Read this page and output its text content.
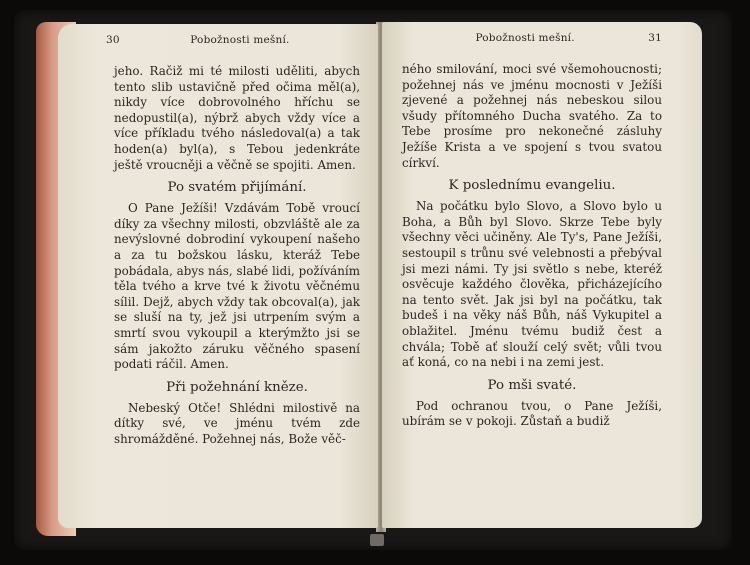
30	Pobožnosti mešní.

jeho. Račiž mi té milosti uděliti, abych tento slib ustavičně před očima měl(a), nikdy více dobrovolného hříchu se nedopustil(a), nýbrž abych vždy více a více příkladu tvého následoval(a) a tak hoden(a) byl(a), s Tebou jedenkráte ještě vroucněji a věčně se spojiti. Amen.

Po svatém přijímání.

O Pane Ježíši! Vzdávám Tobě vroucí díky za všechny milosti, obzvláště ale za nevýslovné dobrodiní vykoupení našeho a za tu božskou lásku, kteráž Tebe pobádala, abys nás, slabé lidi, požíváním těla tvého a krve tvé k životu věčnému sílil. Dejž, abych vždy tak obcoval(a), jak se sluší na ty, jež jsi utrpením svým a smrtí svou vykoupil a kterýmžto jsi se sám jakožto záruku věčného spasení podati ráčil. Amen.

Při požehnání kněze.

Nebeský Otče! Shlédni milostivě na dítky své, ve jménu tvém zde shromážděné. Požehnej nás, Bože věč-

Pobožnosti mešní.	31

ného smilování, moci své všemohoucnosti; požehnej nás ve jménu mocnosti v Ježíši zjevené a požehnej nás nebeskou silou všudy přítomného Ducha svatého. Za to Tebe prosíme pro nekonečné zásluhy Ježíše Krista a ve spojení s tvou svatou církví.

K poslednímu evangeliu.

Na počátku bylo Slovo, a Slovo bylo u Boha, a Bůh byl Slovo. Skrze Tebe byly všechny věci učiněny. Ale Ty's, Pane Ježíši, sestoupil s trůnu své velebnosti a přebýval jsi mezi námi. Ty jsi světlo s nebe, kteréž osvěcuje každého člověka, přicházejícího na tento svět. Jak jsi byl na počátku, tak budeš i na věky náš Bůh, náš Vykupitel a oblažitel. Jménu tvému budiž čest a chvála; Tobě ať slouží celý svět; vůli tvou ať koná, co na nebi i na zemi jest.

Po mši svaté.

Pod ochranou tvou, o Pane Ježíši, ubírám se v pokoji. Zůstaň a budiž
